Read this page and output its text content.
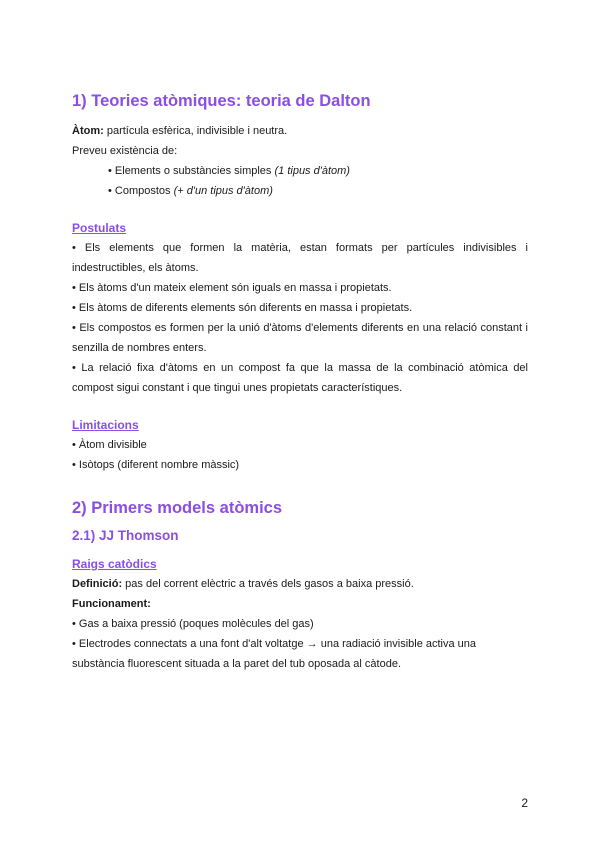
1) Teories atòmiques: teoria de Dalton
Àtom: partícula esfèrica, indivisible i neutra.
Preveu existència de:
• Elements o substàncies simples (1 tipus d'àtom)
• Compostos (+ d'un tipus d'àtom)
Postulats
• Els elements que formen la matèria, estan formats per partícules indivisibles i indestructibles, els àtoms.
• Els àtoms d'un mateix element són iguals en massa i propietats.
• Els àtoms de diferents elements són diferents en massa i propietats.
• Els compostos es formen per la unió d'àtoms d'elements diferents en una relació constant i senzilla de nombres enters.
• La relació fixa d'àtoms en un compost fa que la massa de la combinació atòmica del compost sigui constant i que tingui unes propietats característiques.
Limitacions
• Àtom divisible
• Isòtops (diferent nombre màssic)
2) Primers models atòmics
2.1) JJ Thomson
Raigs catòdics
Definició: pas del corrent elèctric a través dels gasos a baixa pressió.
Funcionament:
• Gas a baixa pressió (poques molècules del gas)
• Electrodes connectats a una font d'alt voltatge → una radiació invisible activa una substància fluorescent situada a la paret del tub oposada al càtode.
2
